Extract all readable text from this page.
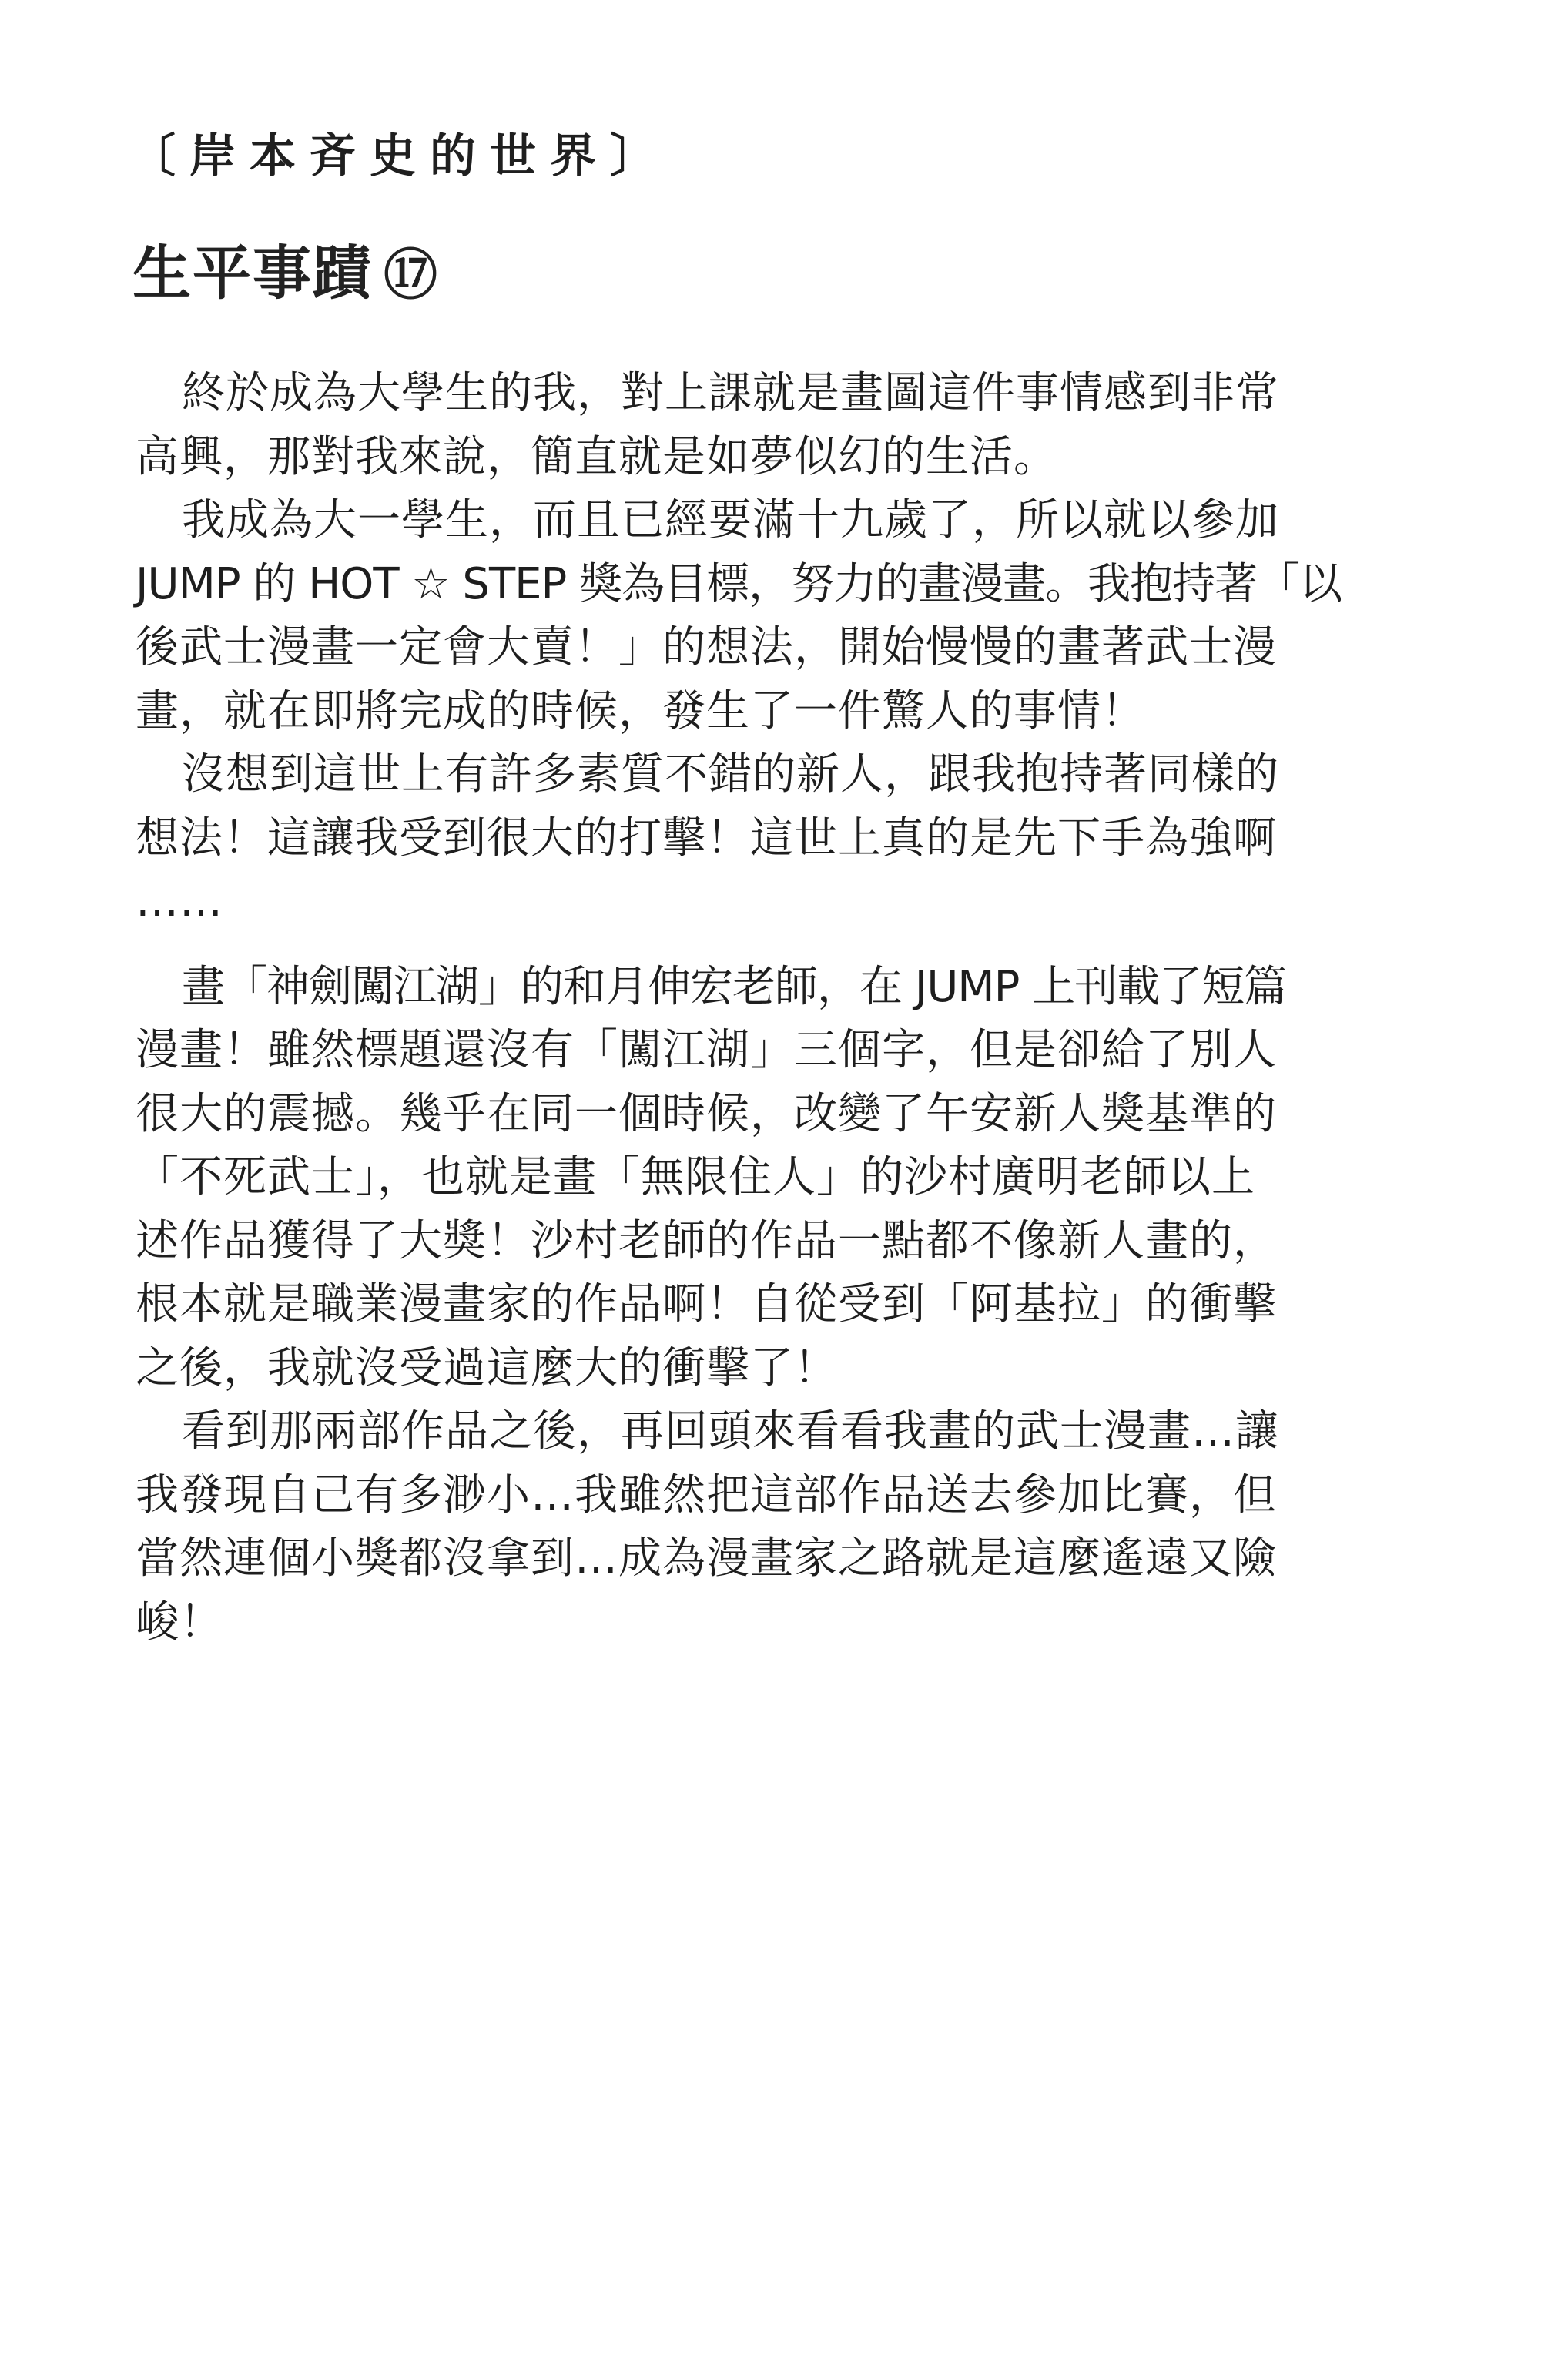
〔岸本斉史的世界〕
生平事蹟 ⑰
終於成為大學生的我，對上課就是畫圖這件事情感到非常
高興，那對我來說，簡直就是如夢似幻的生活。
我成為大一學生，而且已經要滿十九歲了，所以就以參加
JUMP 的 HOT ☆ STEP 獎為目標，努力的畫漫畫。我抱持著「以
後武士漫畫一定會大賣！」的想法，開始慢慢的畫著武士漫
畫，就在即將完成的時候，發生了一件驚人的事情！
沒想到這世上有許多素質不錯的新人，跟我抱持著同樣的
想法！這讓我受到很大的打擊！這世上真的是先下手為強啊
……
畫「神劍闖江湖」的和月伸宏老師，在 JUMP 上刊載了短篇
漫畫！雖然標題還沒有「闖江湖」三個字，但是卻給了別人
很大的震撼。幾乎在同一個時候，改變了午安新人獎基準的
「不死武士」，也就是畫「無限住人」的沙村廣明老師以上
述作品獲得了大獎！沙村老師的作品一點都不像新人畫的，
根本就是職業漫畫家的作品啊！自從受到「阿基拉」的衝擊
之後，我就沒受過這麼大的衝擊了！
看到那兩部作品之後，再回頭來看看我畫的武士漫畫…讓
我發現自己有多渺小…我雖然把這部作品送去參加比賽，但
當然連個小獎都沒拿到…成為漫畫家之路就是這麼遙遠又險
峻！
